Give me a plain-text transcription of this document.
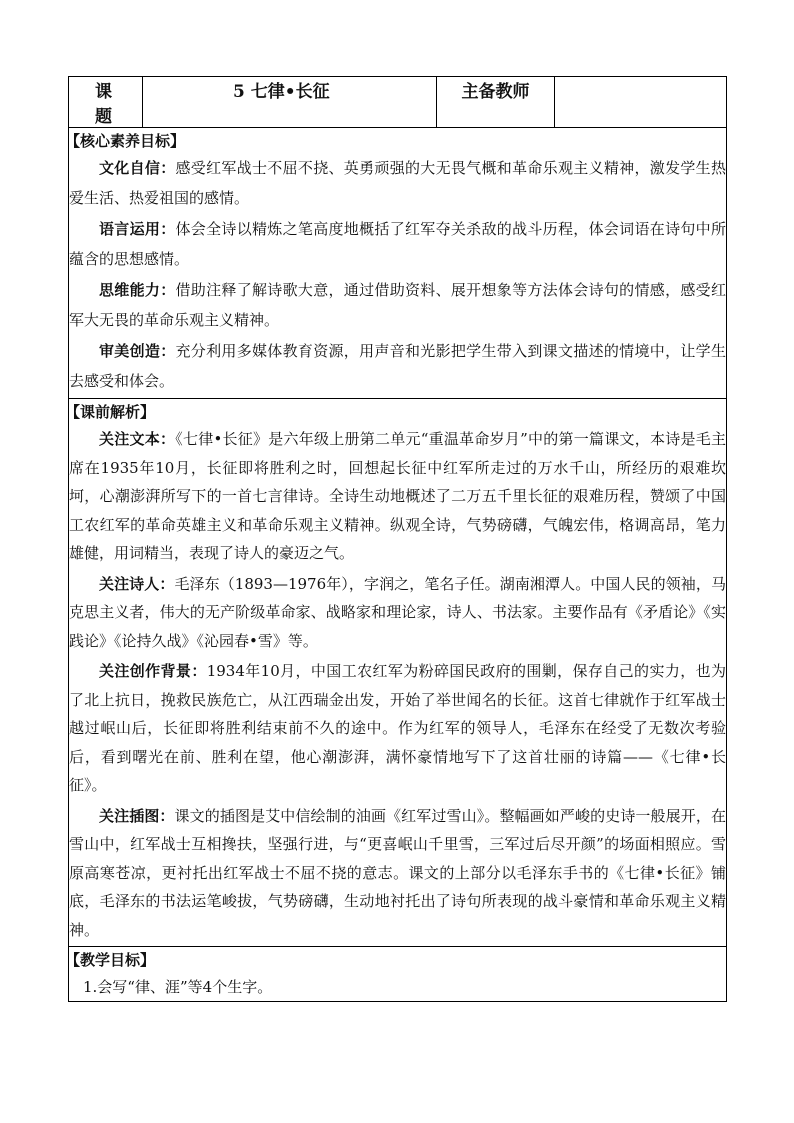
课 题	5 七律•长征	主备教师	

【核心素养目标】

文化自信：感受红军战士不屈不挠、英勇顽强的大无畏气概和革命乐观主义精神，激发学生热爱生活、热爱祖国的感情。

语言运用：体会全诗以精炼之笔高度地概括了红军夺关杀敌的战斗历程，体会词语在诗句中所蕴含的思想感情。

思维能力：借助注释了解诗歌大意，通过借助资料、展开想象等方法体会诗句的情感，感受红军大无畏的革命乐观主义精神。

审美创造：充分利用多媒体教育资源，用声音和光影把学生带入到课文描述的情境中，让学生去感受和体会。

【课前解析】

关注文本：《七律•长征》是六年级上册第二单元“重温革命岁月”中的第一篇课文，本诗是毛主席在1935年10月，长征即将胜利之时，回想起长征中红军所走过的万水千山，所经历的艰难坎坷，心潮澎湃所写下的一首七言律诗。全诗生动地概述了二万五千里长征的艰难历程，赞颂了中国工农红军的革命英雄主义和革命乐观主义精神。纵观全诗，气势磅礴，气魄宏伟，格调高昂，笔力雄健，用词精当，表现了诗人的豪迈之气。

关注诗人：毛泽东（1893—1976年），字润之，笔名子任。湖南湘潭人。中国人民的领袖，马克思主义者，伟大的无产阶级革命家、战略家和理论家，诗人、书法家。主要作品有《矛盾论》《实践论》《论持久战》《沁园春•雪》等。

关注创作背景：1934年10月，中国工农红军为粉碎国民政府的围剿，保存自己的实力，也为了北上抗日，挽救民族危亡，从江西瑞金出发，开始了举世闻名的长征。这首七律就作于红军战士越过岷山后，长征即将胜利结束前不久的途中。作为红军的领导人，毛泽东在经受了无数次考验后，看到曙光在前、胜利在望，他心潮澎湃，满怀豪情地写下了这首壮丽的诗篇——《七律•长征》。

关注插图：课文的插图是艾中信绘制的油画《红军过雪山》。整幅画如严峻的史诗一般展开，在雪山中，红军战士互相搀扶，坚强行进，与“更喜岷山千里雪，三军过后尽开颜”的场面相照应。雪原高寒苍凉，更衬托出红军战士不屈不挠的意志。课文的上部分以毛泽东手书的《七律•长征》铺底，毛泽东的书法运笔峻拔，气势磅礴，生动地衬托出了诗句所表现的战斗豪情和革命乐观主义精神。

【教学目标】

1.会写“律、涯”等4个生字。
